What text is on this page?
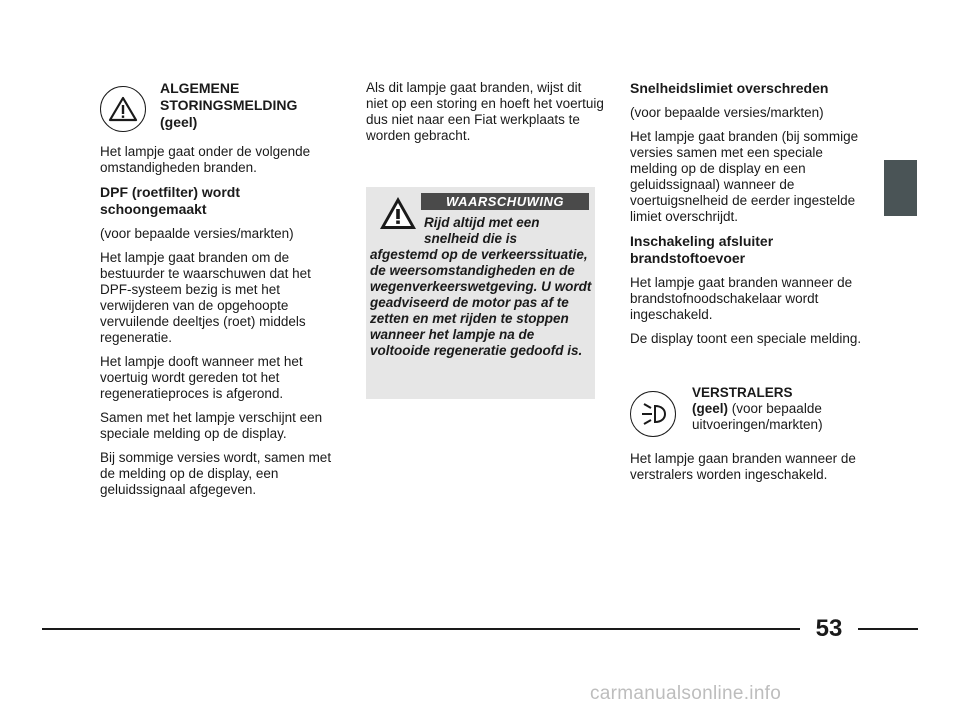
ALGEMENE
STORINGSMELDING
(geel)

Het lampje gaat onder de volgende omstandigheden branden.

DPF (roetfilter) wordt schoongemaakt

(voor bepaalde versies/markten)

Het lampje gaat branden om de bestuurder te waarschuwen dat het DPF-systeem bezig is met het verwijderen van de opgehoopte vervuilende deeltjes (roet) middels regeneratie.

Het lampje dooft wanneer met het voertuig wordt gereden tot het regeneratieproces is afgerond.

Samen met het lampje verschijnt een speciale melding op de display.

Bij sommige versies wordt, samen met de melding op de display, een geluidssignaal afgegeven.

Als dit lampje gaat branden, wijst dit niet op een storing en hoeft het voertuig dus niet naar een Fiat werkplaats te worden gebracht.

WAARSCHUWING
Rijd altijd met een
snelheid die is
afgestemd op de verkeerssituatie, de weersomstandigheden en de wegenverkeerswetgeving. U wordt geadviseerd de motor pas af te zetten en met rijden te stoppen wanneer het lampje na de voltooide regeneratie gedoofd is.

Snelheidslimiet overschreden

(voor bepaalde versies/markten)

Het lampje gaat branden (bij sommige versies samen met een speciale melding op de display en een geluidssignaal) wanneer de voertuigsnelheid de eerder ingestelde limiet overschrijdt.

Inschakeling afsluiter brandstoftoevoer

Het lampje gaat branden wanneer de brandstofnoodschakelaar wordt ingeschakeld.

De display toont een speciale melding.

VERSTRALERS
(geel) (voor bepaalde uitvoeringen/markten)

Het lampje gaan branden wanneer de verstralers worden ingeschakeld.

53
carmanualsonline.info
